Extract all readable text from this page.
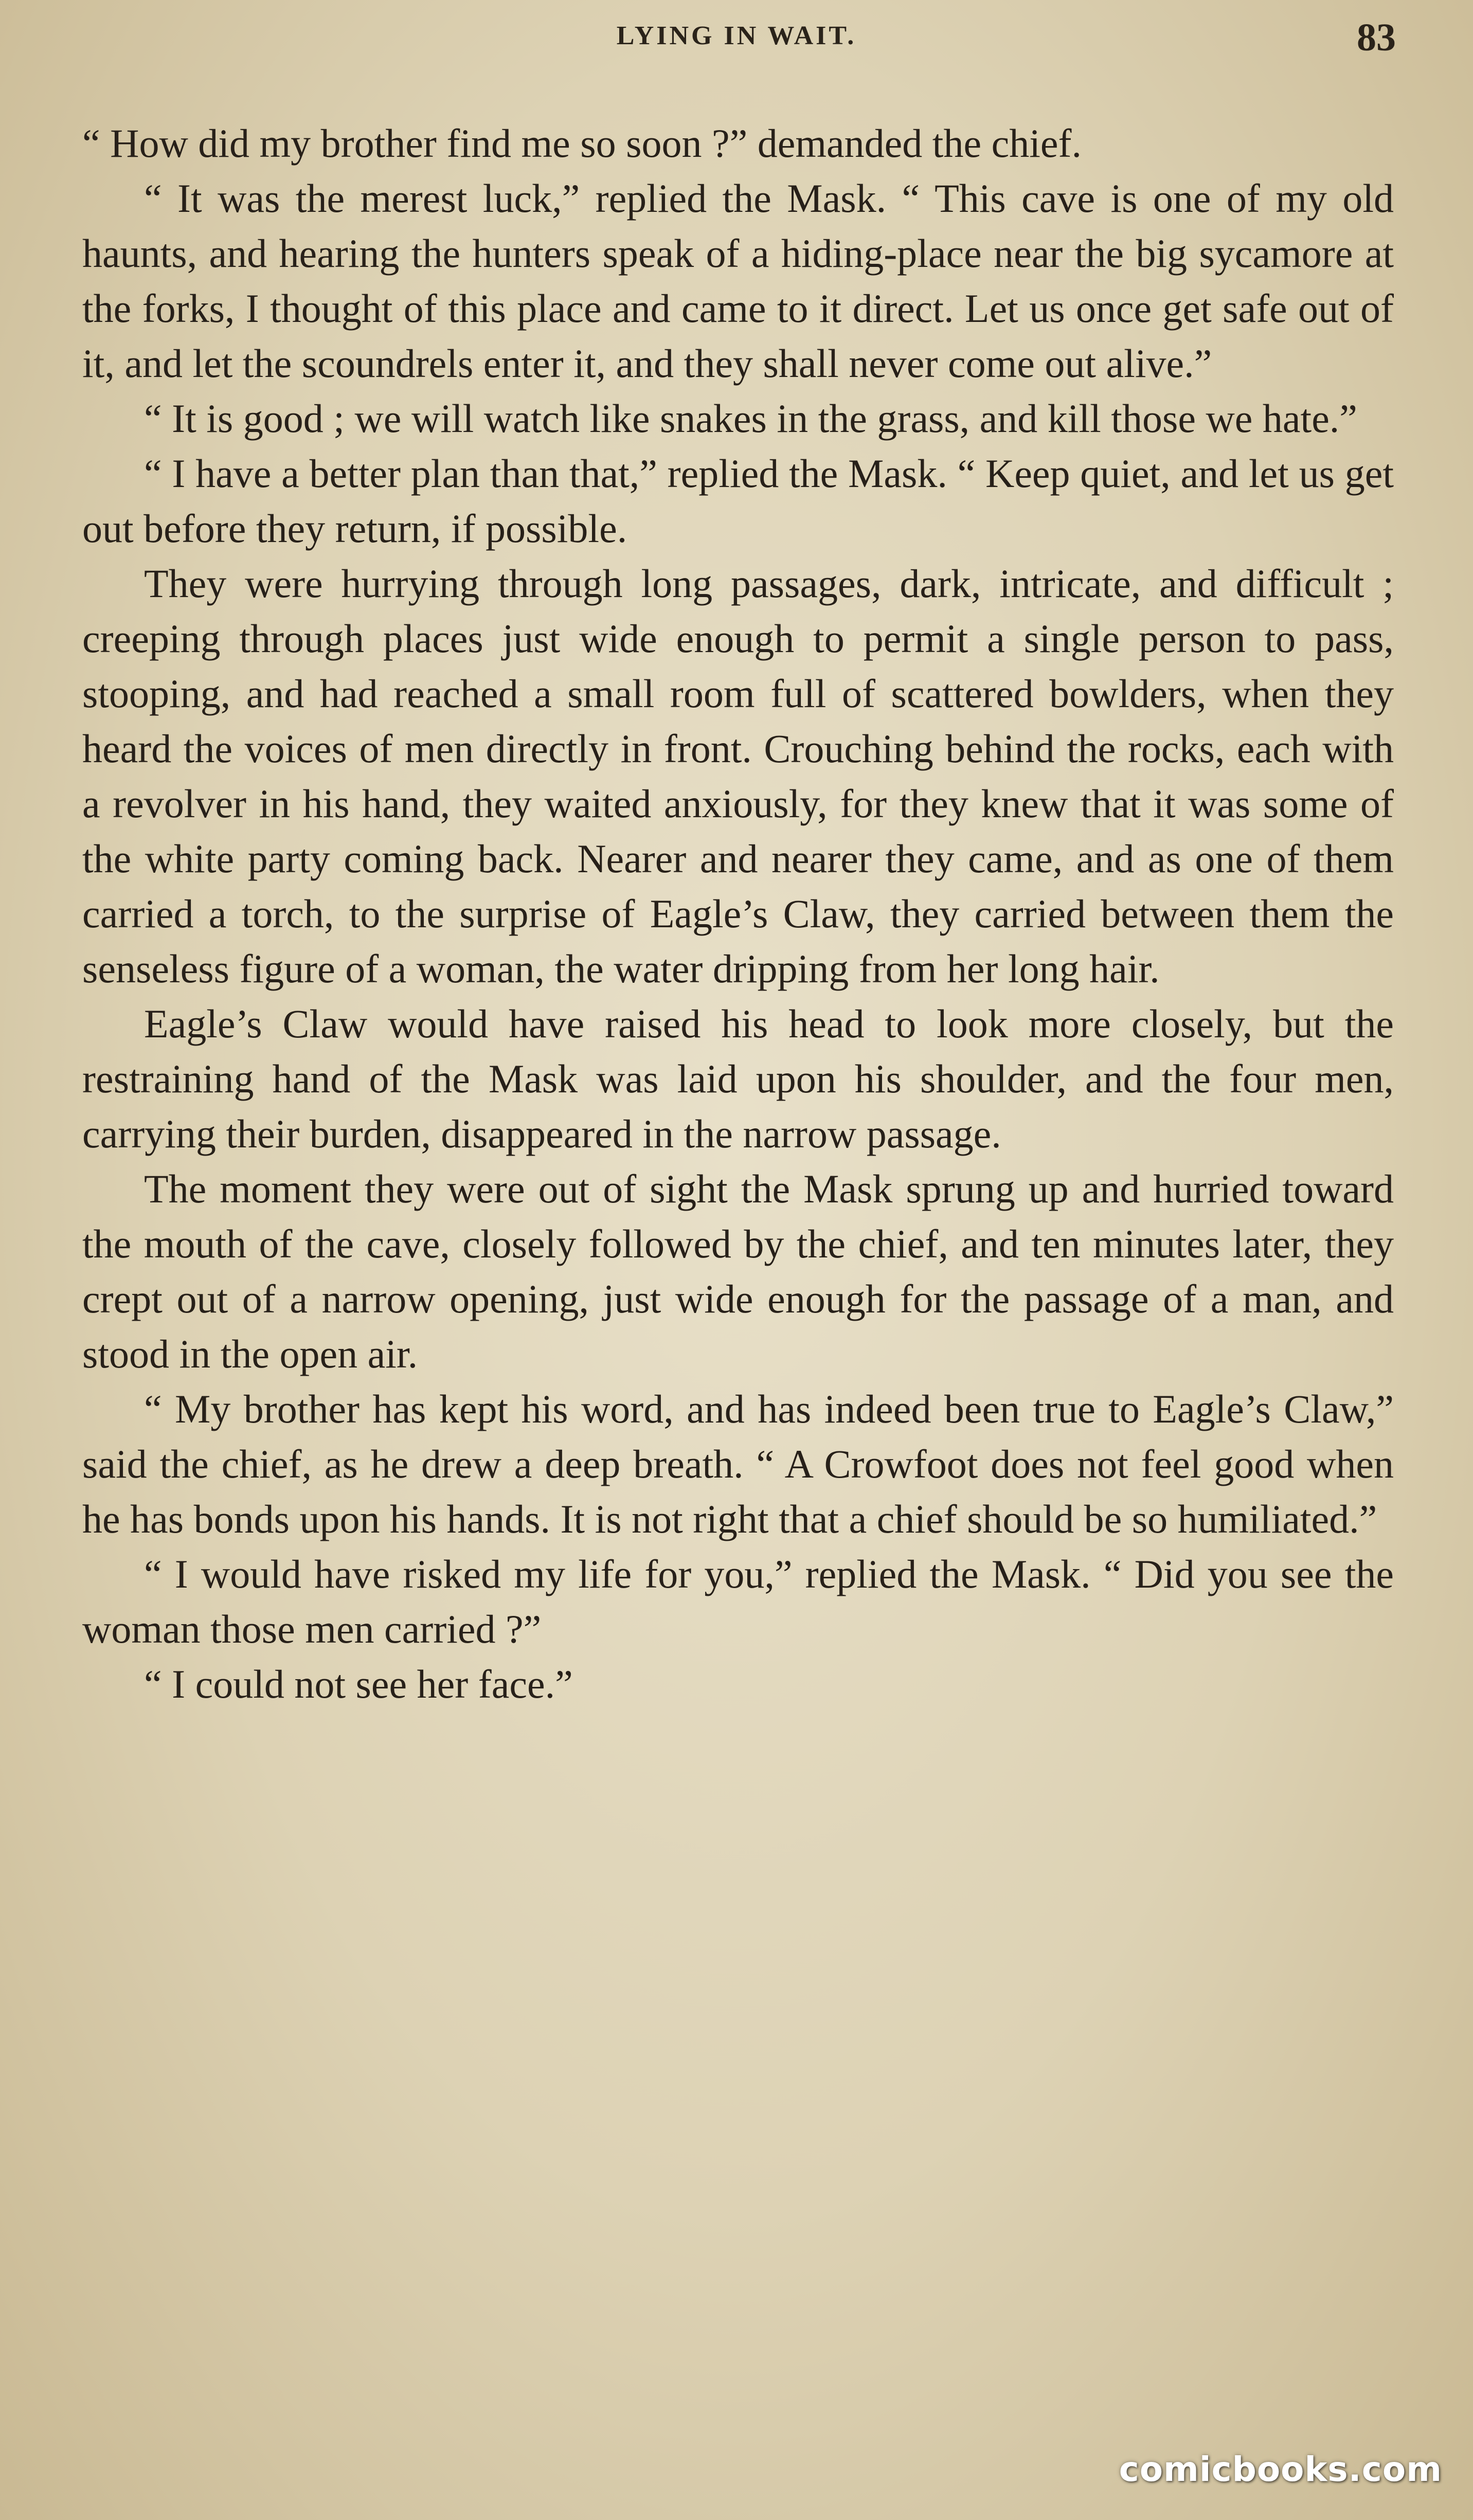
LYING IN WAIT.	83

“ How did my brother find me so soon ?” demanded the chief.

“ It was the merest luck,” replied the Mask. “ This cave is one of my old haunts, and hearing the hunters speak of a hiding-place near the big sycamore at the forks, I thought of this place and came to it direct. Let us once get safe out of it, and let the scoundrels enter it, and they shall never come out alive.”

“ It is good ; we will watch like snakes in the grass, and kill those we hate.”

“ I have a better plan than that,” replied the Mask. “ Keep quiet, and let us get out before they return, if possible.

They were hurrying through long passages, dark, intricate, and difficult ; creeping through places just wide enough to permit a single person to pass, stooping, and had reached a small room full of scattered bowlders, when they heard the voices of men directly in front. Crouching behind the rocks, each with a revolver in his hand, they waited anxiously, for they knew that it was some of the white party coming back. Nearer and nearer they came, and as one of them carried a torch, to the surprise of Eagle’s Claw, they carried between them the senseless figure of a woman, the water dripping from her long hair.

Eagle’s Claw would have raised his head to look more closely, but the restraining hand of the Mask was laid upon his shoulder, and the four men, carrying their burden, disappeared in the narrow passage.

The moment they were out of sight the Mask sprung up and hurried toward the mouth of the cave, closely followed by the chief, and ten minutes later, they crept out of a narrow opening, just wide enough for the passage of a man, and stood in the open air.

“ My brother has kept his word, and has indeed been true to Eagle’s Claw,” said the chief, as he drew a deep breath. “ A Crowfoot does not feel good when he has bonds upon his hands. It is not right that a chief should be so humiliated.”

“ I would have risked my life for you,” replied the Mask. “ Did you see the woman those men carried ?”

“ I could not see her face.”

comicbooks.com
